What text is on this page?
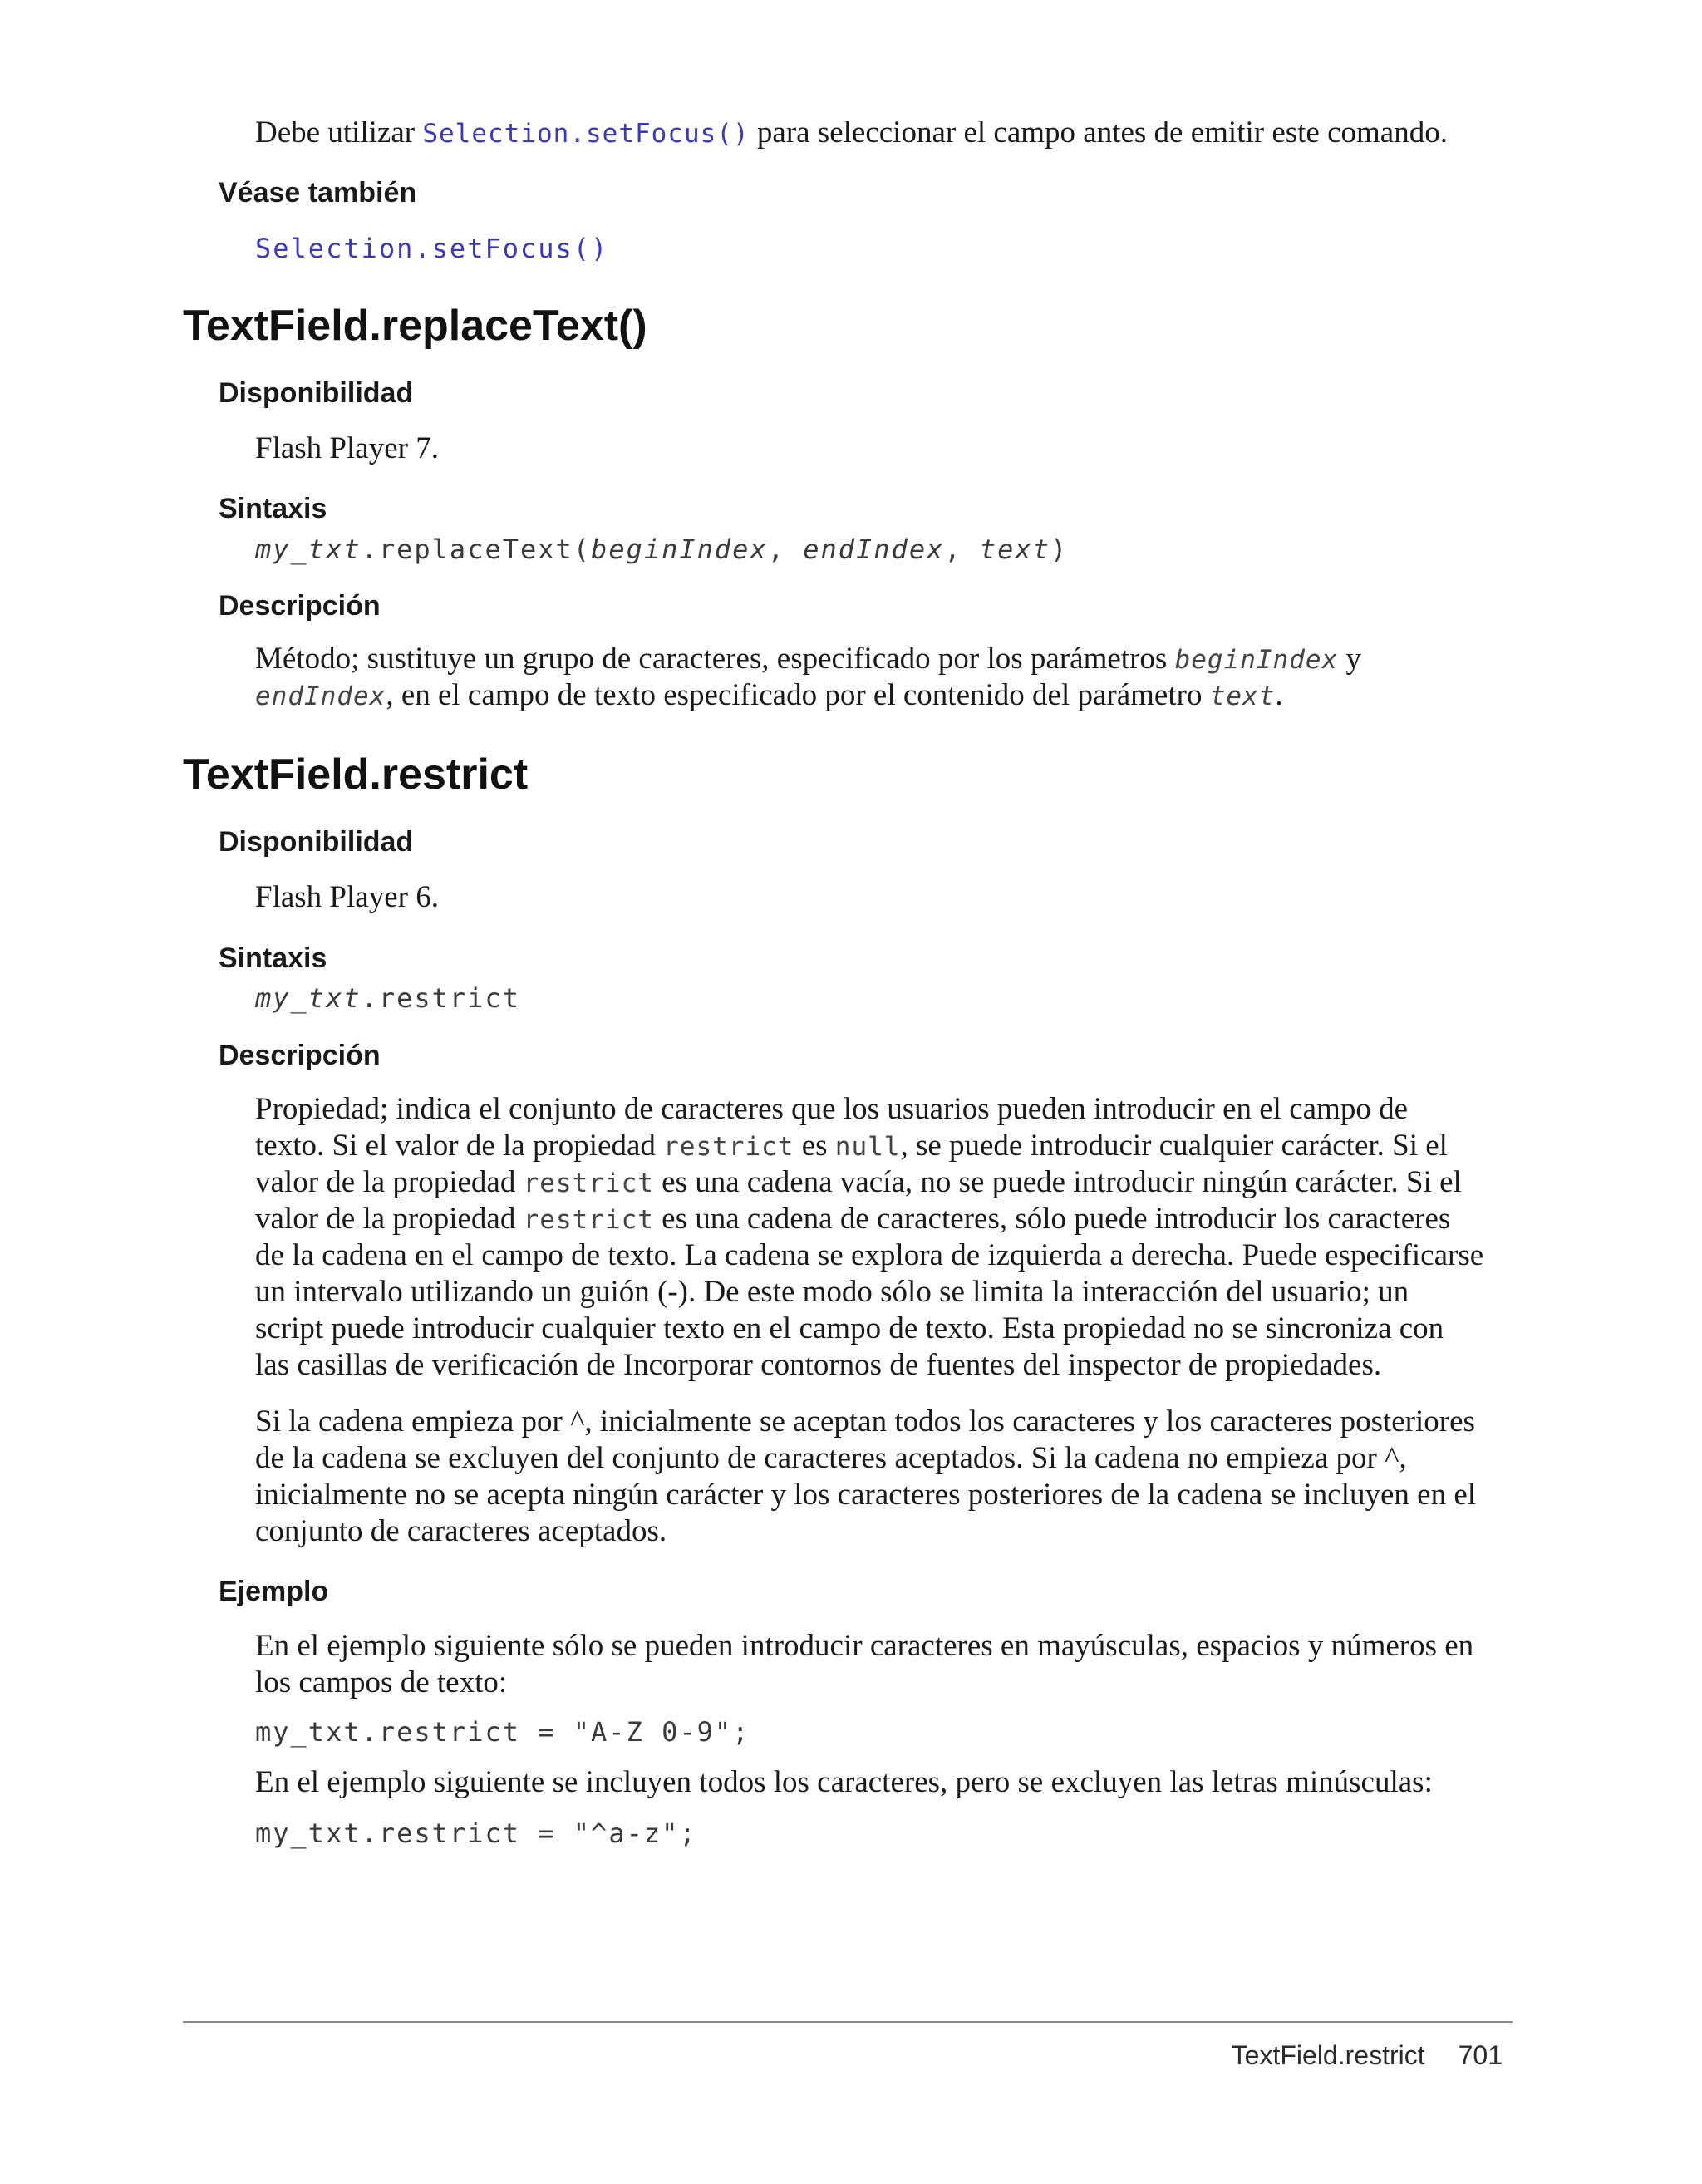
Debe utilizar Selection.setFocus() para seleccionar el campo antes de emitir este comando.

Véase también
Selection.setFocus()
TextField.replaceText()
Disponibilidad

Flash Player 7.

Sintaxis
my_txt.replaceText(beginIndex, endIndex, text)
Descripción

Método; sustituye un grupo de caracteres, especificado por los parámetros beginIndex y

endIndex, en el campo de texto especificado por el contenido del parámetro text.

TextField.restrict
Disponibilidad

Flash Player 6.

Sintaxis
my_txt.restrict
Descripción

Propiedad; indica el conjunto de caracteres que los usuarios pueden introducir en el campo de

texto. Si el valor de la propiedad restrict es null, se puede introducir cualquier carácter. Si el

valor de la propiedad restrict es una cadena vacía, no se puede introducir ningún carácter. Si el

valor de la propiedad restrict es una cadena de caracteres, sólo puede introducir los caracteres

de la cadena en el campo de texto. La cadena se explora de izquierda a derecha. Puede especificarse

un intervalo utilizando un guión (-). De este modo sólo se limita la interacción del usuario; un

script puede introducir cualquier texto en el campo de texto. Esta propiedad no se sincroniza con

las casillas de verificación de Incorporar contornos de fuentes del inspector de propiedades.

Si la cadena empieza por ^, inicialmente se aceptan todos los caracteres y los caracteres posteriores

de la cadena se excluyen del conjunto de caracteres aceptados. Si la cadena no empieza por ^,

inicialmente no se acepta ningún carácter y los caracteres posteriores de la cadena se incluyen en el

conjunto de caracteres aceptados.

Ejemplo

En el ejemplo siguiente sólo se pueden introducir caracteres en mayúsculas, espacios y números en

los campos de texto:

my_txt.restrict = "A-Z 0-9";

En el ejemplo siguiente se incluyen todos los caracteres, pero se excluyen las letras minúsculas:

my_txt.restrict = "^a-z";
TextField.restrict 701
